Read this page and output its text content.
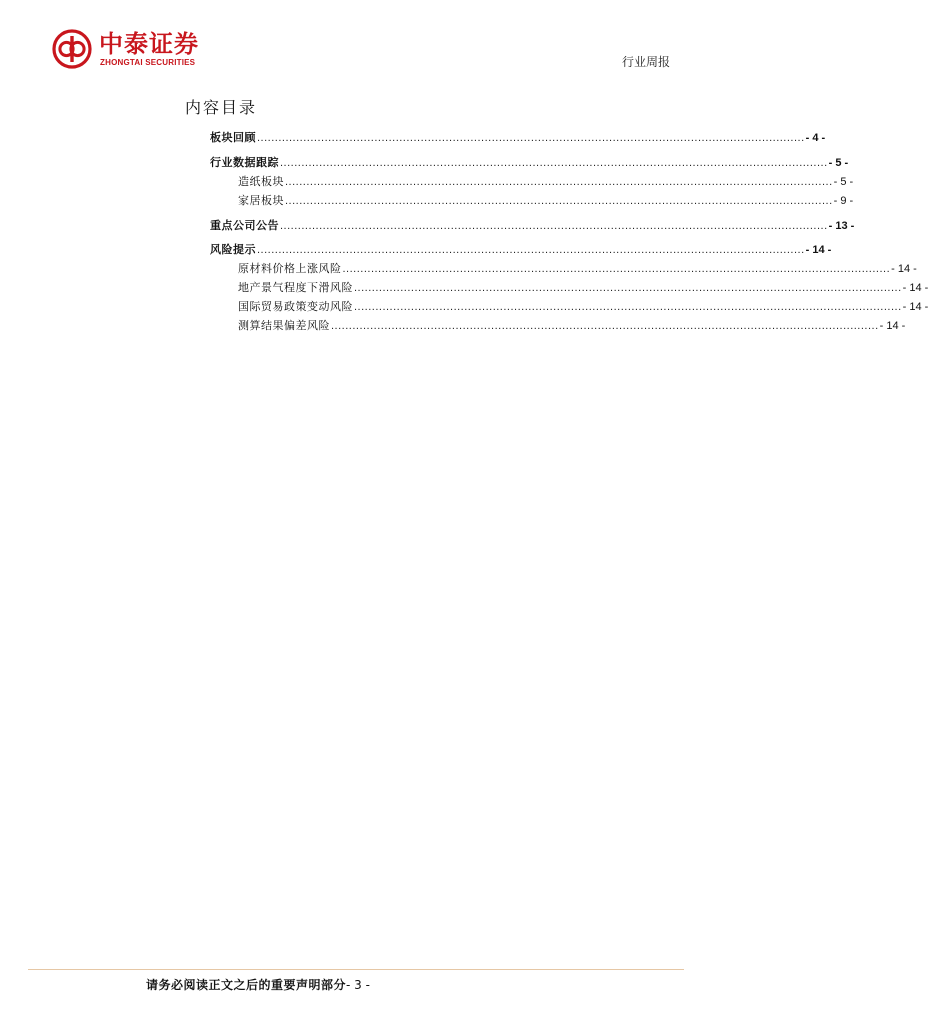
中泰证券
ZHONGTAI SECURITIES	行业周报
内容目录
板块回顾 .......................................................................................................................................................... - 4 -
行业数据跟踪 .......................................................................................................................................................... - 5 -
造纸板块 .......................................................................................................................................................... - 5 -
家居板块 .......................................................................................................................................................... - 9 -
重点公司公告 .......................................................................................................................................................... - 13 -
风险提示 .......................................................................................................................................................... - 14 -
原材料价格上涨风险 .......................................................................................................................................................... - 14 -
地产景气程度下滑风险 .......................................................................................................................................................... - 14 -
国际贸易政策变动风险 .......................................................................................................................................................... - 14 -
测算结果偏差风险 .......................................................................................................................................................... - 14 -
请务必阅读正文之后的重要声明部分- 3 -
